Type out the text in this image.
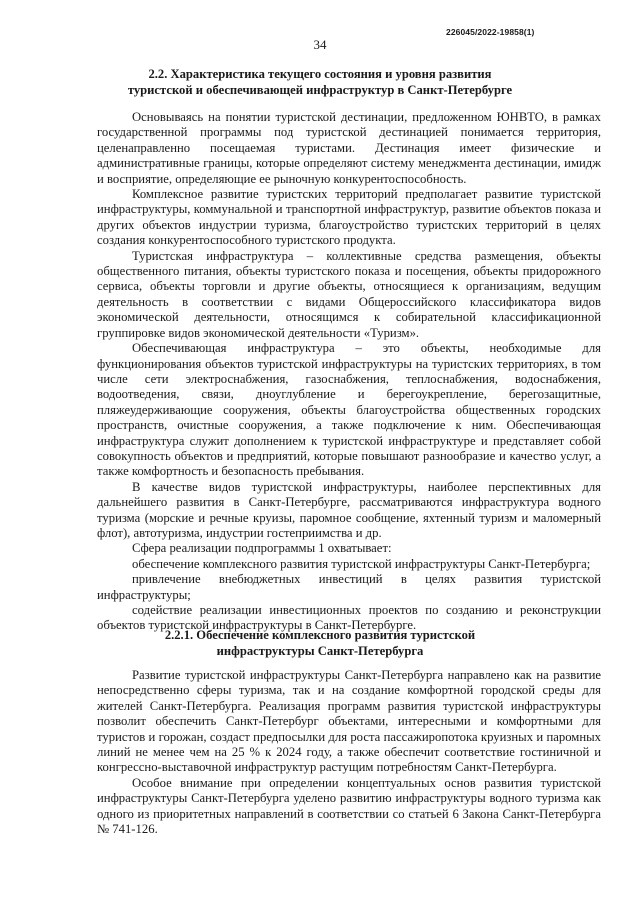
226045/2022-19858(1)
34
2.2. Характеристика текущего состояния и уровня развития
туристской и обеспечивающей инфраструктур в Санкт-Петербурге

Основываясь на понятии туристской дестинации, предложенном ЮНВТО, в рамках государственной программы под туристской дестинацией понимается территория, целенаправленно посещаемая туристами. Дестинация имеет физические и административные границы, которые определяют систему менеджмента дестинации, имидж и восприятие, определяющие ее рыночную конкурентоспособность.

Комплексное развитие туристских территорий предполагает развитие туристской инфраструктуры, коммунальной и транспортной инфраструктур, развитие объектов показа и других объектов индустрии туризма, благоустройство туристских территорий в целях создания конкурентоспособного туристского продукта.

Туристская инфраструктура – коллективные средства размещения, объекты общественного питания, объекты туристского показа и посещения, объекты придорожного сервиса, объекты торговли и другие объекты, относящиеся к организациям, ведущим деятельность в соответствии с видами Общероссийского классификатора видов экономической деятельности, относящимся к собирательной классификационной группировке видов экономической деятельности «Туризм».

Обеспечивающая инфраструктура – это объекты, необходимые для функционирования объектов туристской инфраструктуры на туристских территориях, в том числе сети электроснабжения, газоснабжения, теплоснабжения, водоснабжения, водоотведения, связи, дноуглубление и берегоукрепление, берегозащитные, пляжеудерживающие сооружения, объекты благоустройства общественных городских пространств, очистные сооружения, а также подключение к ним. Обеспечивающая инфраструктура служит дополнением к туристской инфраструктуре и представляет собой совокупность объектов и предприятий, которые повышают разнообразие и качество услуг, а также комфортность и безопасность пребывания.

В качестве видов туристской инфраструктуры, наиболее перспективных для дальнейшего развития в Санкт-Петербурге, рассматриваются инфраструктура водного туризма (морские и речные круизы, паромное сообщение, яхтенный туризм и маломерный флот), автотуризма, индустрии гостеприимства и др.

Сфера реализации подпрограммы 1 охватывает:

обеспечение комплексного развития туристской инфраструктуры Санкт-Петербурга;

привлечение внебюджетных инвестиций в целях развития туристской инфраструктуры;

содействие реализации инвестиционных проектов по созданию и реконструкции объектов туристской инфраструктуры в Санкт-Петербурге.

2.2.1. Обеспечение комплексного развития туристской
инфраструктуры Санкт-Петербурга

Развитие туристской инфраструктуры Санкт-Петербурга направлено как на развитие непосредственно сферы туризма, так и на создание комфортной городской среды для жителей Санкт-Петербурга. Реализация программ развития туристской инфраструктуры позволит обеспечить Санкт-Петербург объектами, интересными и комфортными для туристов и горожан, создаст предпосылки для роста пассажиропотока круизных и паромных линий не менее чем на 25 % к 2024 году, а также обеспечит соответствие гостиничной и конгрессно-выставочной инфраструктур растущим потребностям Санкт-Петербурга.

Особое внимание при определении концептуальных основ развития туристской инфраструктуры Санкт-Петербурга уделено развитию инфраструктуры водного туризма как одного из приоритетных направлений в соответствии со статьей 6 Закона Санкт-Петербурга № 741-126.
